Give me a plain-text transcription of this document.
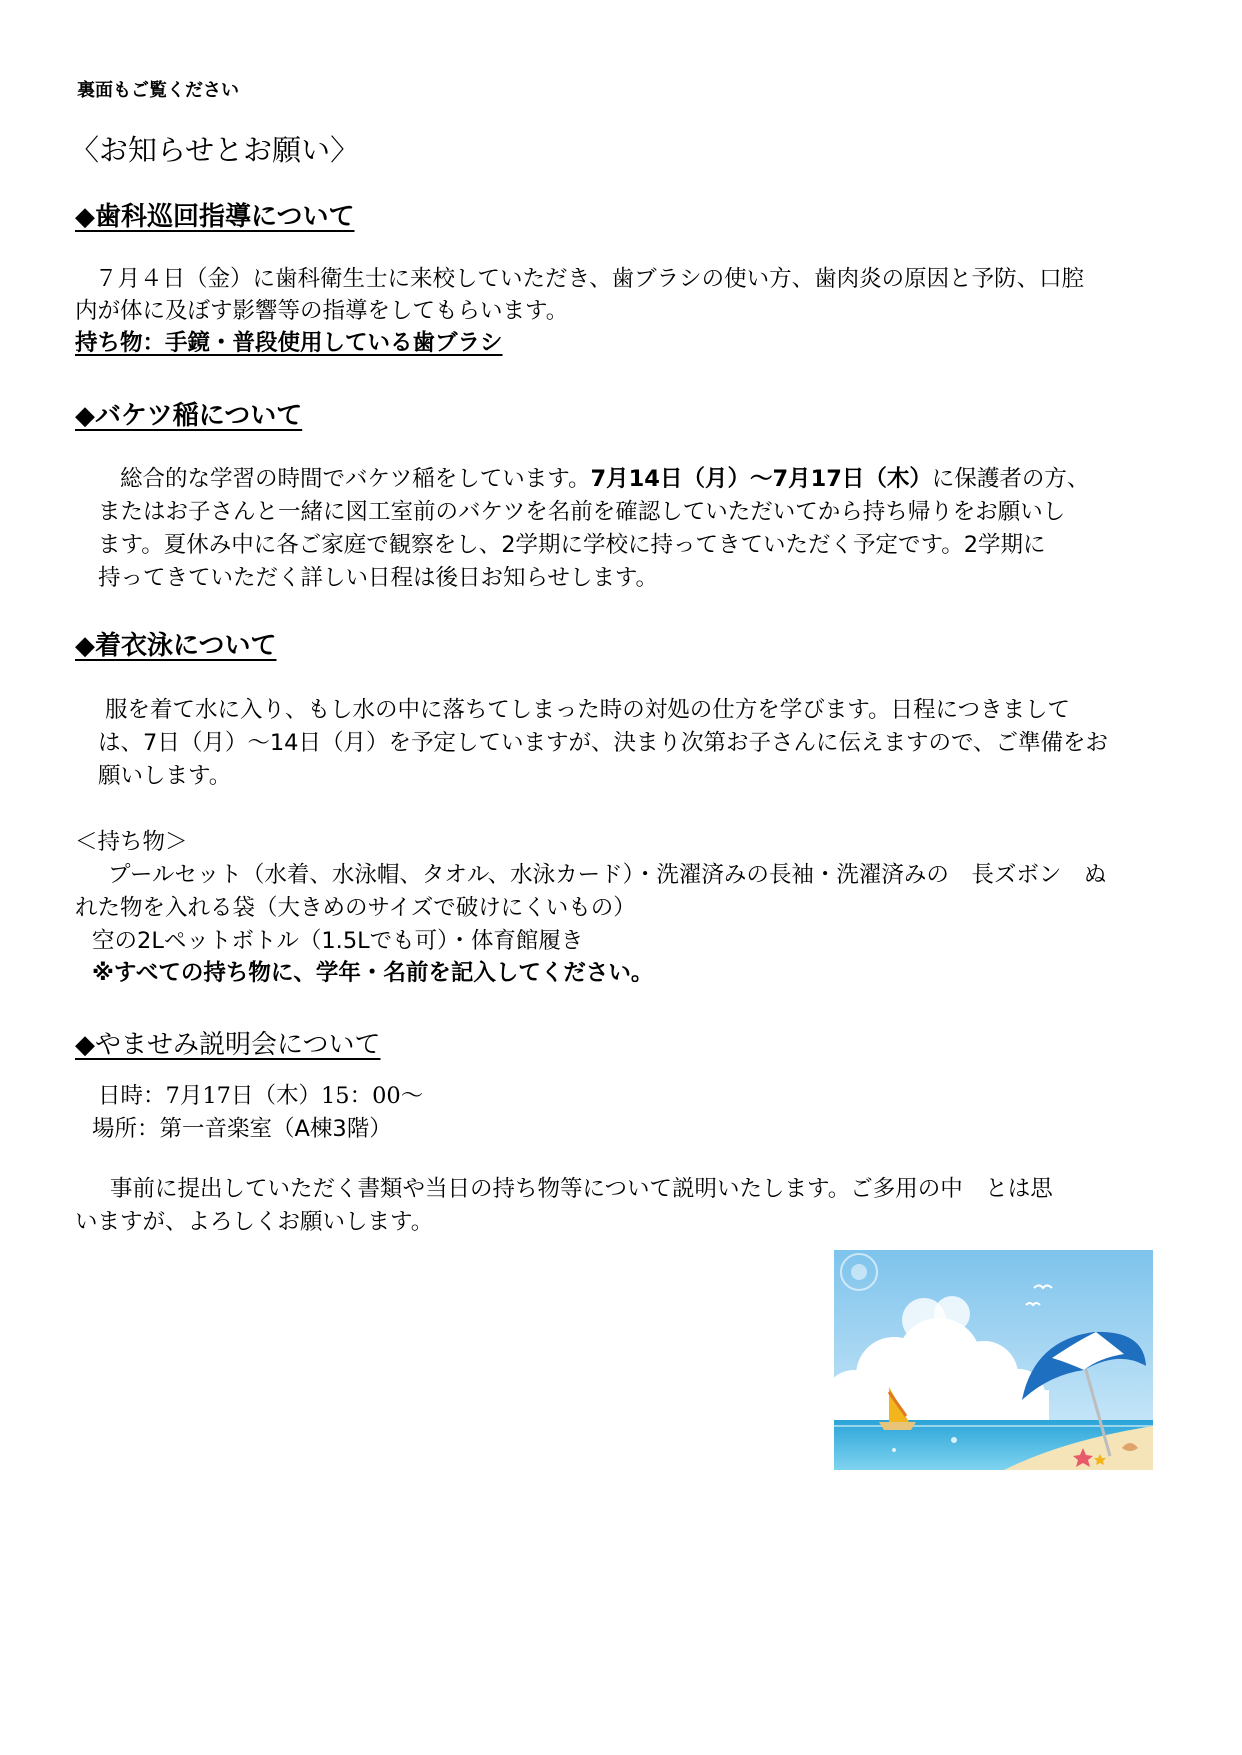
裏面もご覧ください
〈お知らせとお願い〉
◆歯科巡回指導について
７月４日（金）に歯科衛生士に来校していただき、歯ブラシの使い方、歯肉炎の原因と予防、口腔
内が体に及ぼす影響等の指導をしてもらいます。
持ち物：手鏡・普段使用している歯ブラシ
◆バケツ稲について
総合的な学習の時間でバケツ稲をしています。7月14日（月）～7月17日（木）に保護者の方、
またはお子さんと一緒に図工室前のバケツを名前を確認していただいてから持ち帰りをお願いし
ます。夏休み中に各ご家庭で観察をし、2学期に学校に持ってきていただく予定です。2学期に
持ってきていただく詳しい日程は後日お知らせします。
◆着衣泳について
服を着て水に入り、もし水の中に落ちてしまった時の対処の仕方を学びます。日程につきまして
は、7日（月）～14日（月）を予定していますが、決まり次第お子さんに伝えますので、ご準備をお
願いします。
＜持ち物＞
プールセット（水着、水泳帽、タオル、水泳カード）・洗濯済みの長袖・洗濯済みの　長ズボン　ぬ
れた物を入れる袋（大きめのサイズで破けにくいもの）
空の2Lペットボトル（1.5Lでも可）・体育館履き
※すべての持ち物に、学年・名前を記入してください。
◆やませみ説明会について
日時：7月17日（木）15：00～
場所：第一音楽室（A棟3階）
事前に提出していただく書類や当日の持ち物等について説明いたします。ご多用の中　とは思
いますが、よろしくお願いします。
